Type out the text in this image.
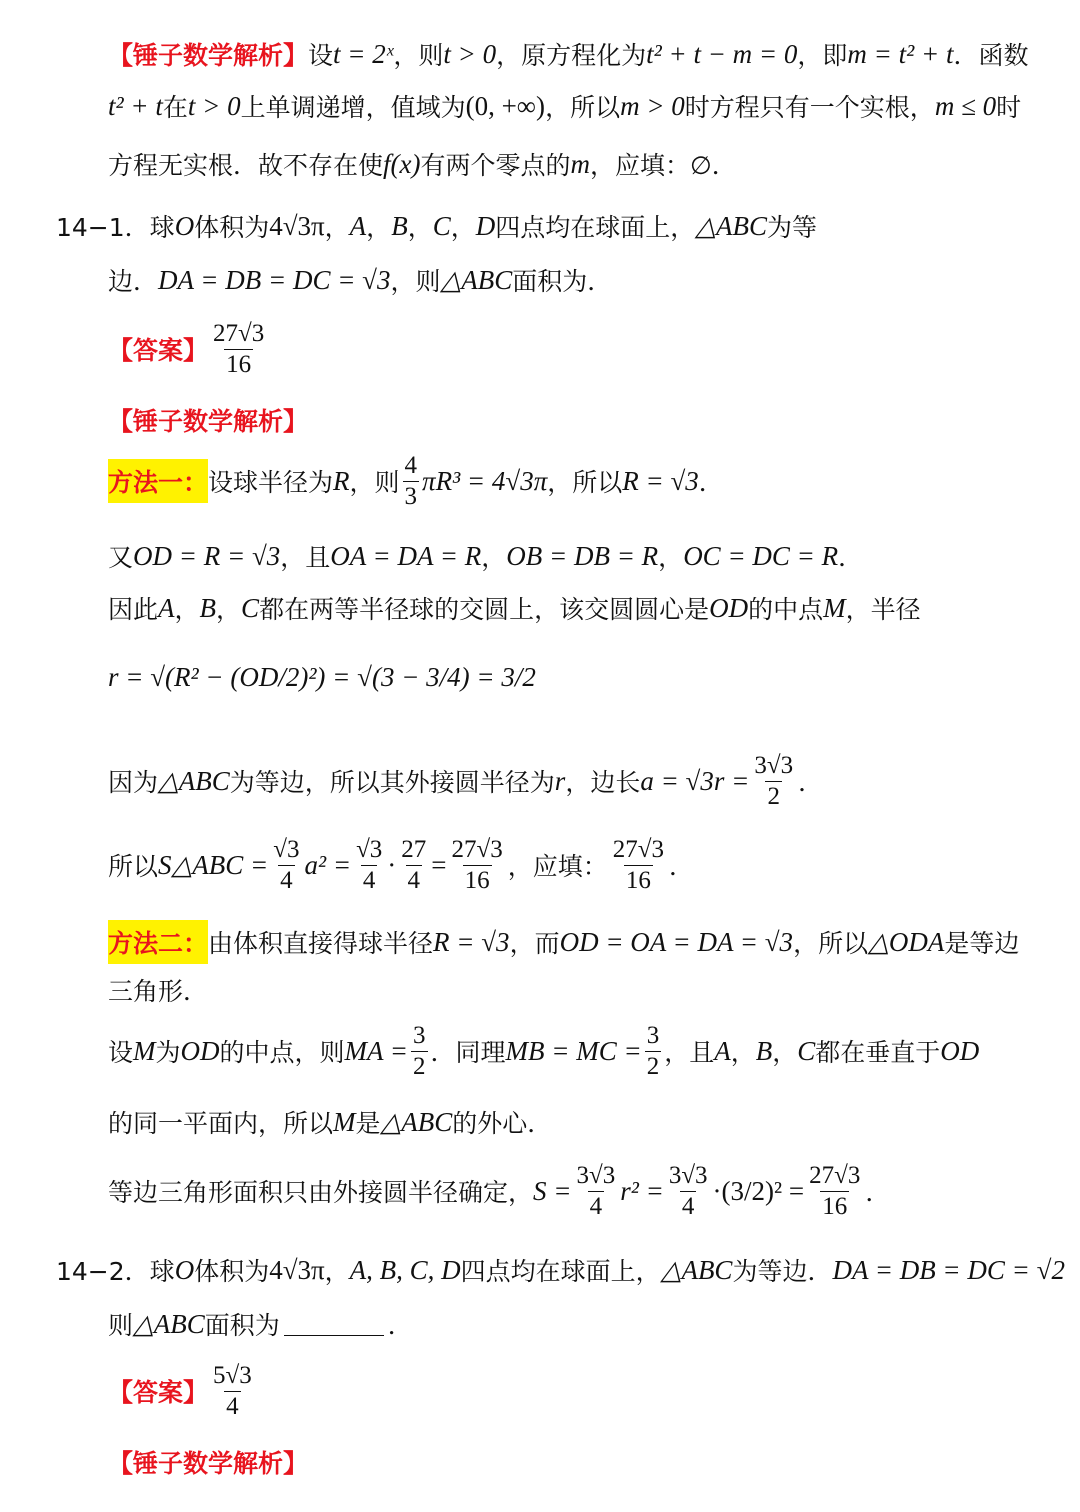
【锤子数学解析】 设 t = 2ˣ ，则 t > 0 ，原方程化为 t² + t − m = 0 ，即 m = t² + t ．函数
t² + t 在 t > 0 上单调递增，值域为 (0, +∞) ，所以 m > 0 时方程只有一个实根， m ≤ 0 时
方程无实根．故不存在使 f(x) 有两个零点的 m ，应填：∅．
14−1． 球 O 体积为 4√3π ， A ， B ， C ， D 四点均在球面上， △ABC 为等
边． DA = DB = DC = √3 ，则 △ABC 面积为．
【答案】 $\frac{27√3}{16}$
【锤子数学解析】
方法一： 设球半径为 R ，则 $\frac{4}{3} \pi R^3 = 4√3\pi$ ，所以 R = √3 ．
又 OD = R = √3 ，且 OA = DA = R ， OB = DB = R ， OC = DC = R ．
因此 A ， B ， C 都在两等半径球的交圆上，该交圆圆心是 OD 的中点 M ，半径
r = √(R² − (OD/2)²) = √(3 − 3/4) = 3/2
因为 △ABC 为等边，所以其外接圆半径为 r ，边长 $a = √3r = \frac{3√3}{2}$ ．
所以 S△ABC = $\frac{√3}{4} a^2 = \frac{√3}{4} \cdot \frac{27}{4} = \frac{27√3}{16}$ ，应填： $\frac{27√3}{16}$ ．
方法二： 由体积直接得球半径 R = √3 ，而 OD = OA = DA = √3 ，所以 △ODA 是等边
三角形．
设 M 为 OD 的中点，则 MA = $\frac{3}{2}$ ．同理 MB = MC = $\frac{3}{2}$ ，且 A ， B ， C 都在垂直于 OD
的同一平面内，所以 M 是 △ABC 的外心．
等边三角形面积只由外接圆半径确定， $S = \frac{3√3}{4} r^2 = \frac{3√3}{4} \cdot(3/2)^2 = \frac{27√3}{16}$ ．
14−2． 球 O 体积为 4√3π ， A, B, C, D 四点均在球面上， △ABC 为等边． DA = DB = DC = √2
则 △ABC 面积为	．
【答案】 $\frac{5√3}{4}$
【锤子数学解析】
